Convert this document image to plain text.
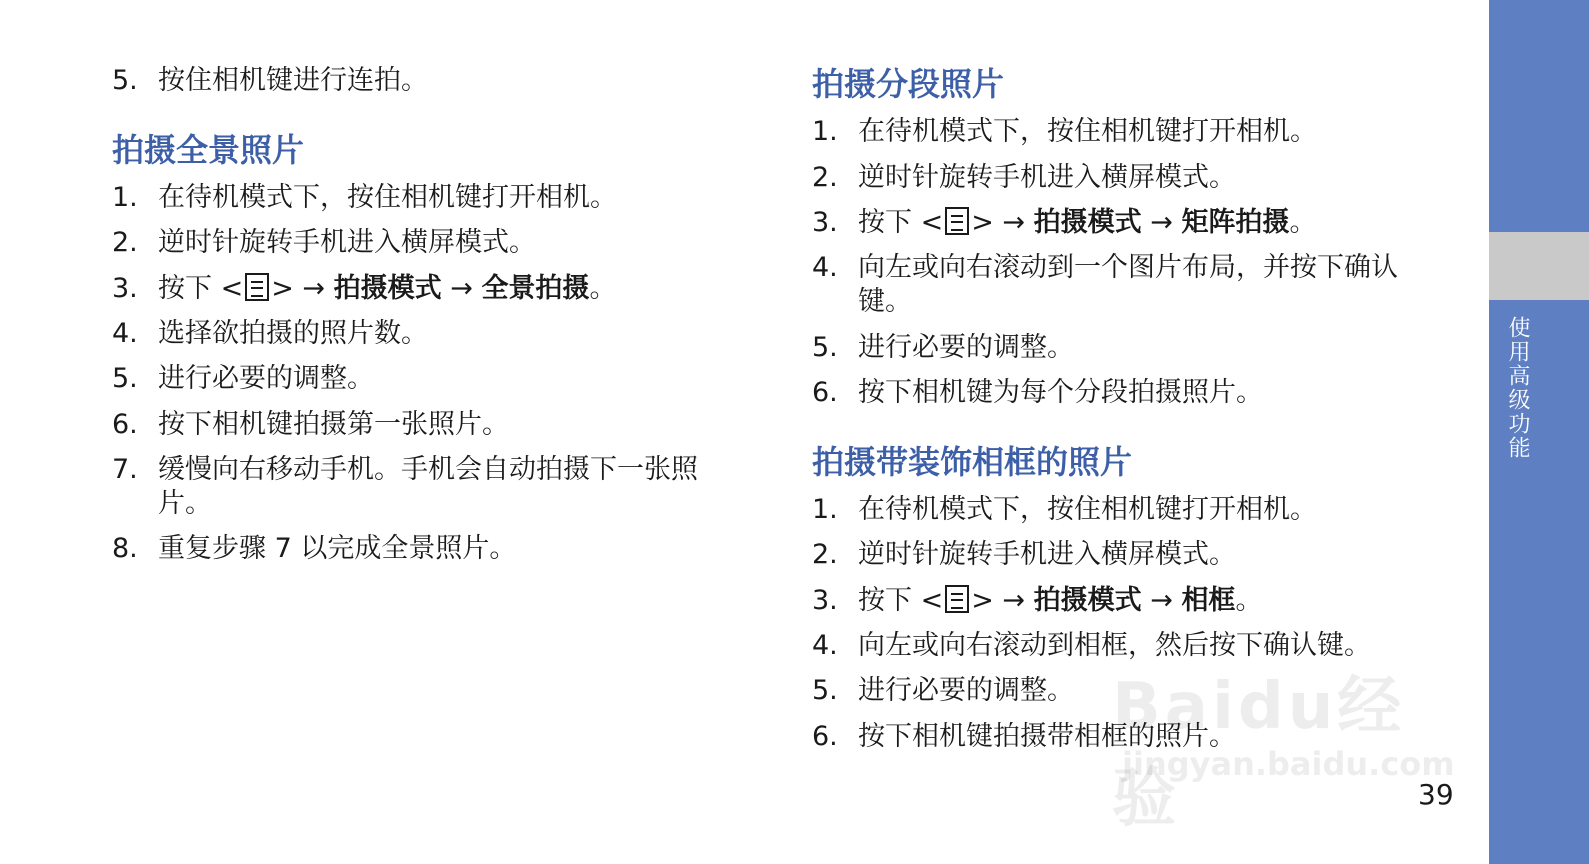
5. 按住相机键进行连拍。
拍摄全景照片
1. 在待机模式下，按住相机键打开相机。
2. 逆时针旋转手机进入横屏模式。
3. 按下 < > → 拍摄模式 → 全景拍摄。
4. 选择欲拍摄的照片数。
5. 进行必要的调整。
6. 按下相机键拍摄第一张照片。
7. 缓慢向右移动手机。手机会自动拍摄下一张照
片。
8. 重复步骤 7 以完成全景照片。
拍摄分段照片
1. 在待机模式下，按住相机键打开相机。
2. 逆时针旋转手机进入横屏模式。
3. 按下 < > → 拍摄模式 → 矩阵拍摄。
4. 向左或向右滚动到一个图片布局，并按下确认
键。
5. 进行必要的调整。
6. 按下相机键为每个分段拍摄照片。
拍摄带装饰相框的照片
1. 在待机模式下，按住相机键打开相机。
2. 逆时针旋转手机进入横屏模式。
3. 按下 < > → 拍摄模式 → 相框。
4. 向左或向右滚动到相框，然后按下确认键。
5. 进行必要的调整。
6. 按下相机键拍摄带相框的照片。
Baidu经验
jingyan.baidu.com
39
使用高级功能
